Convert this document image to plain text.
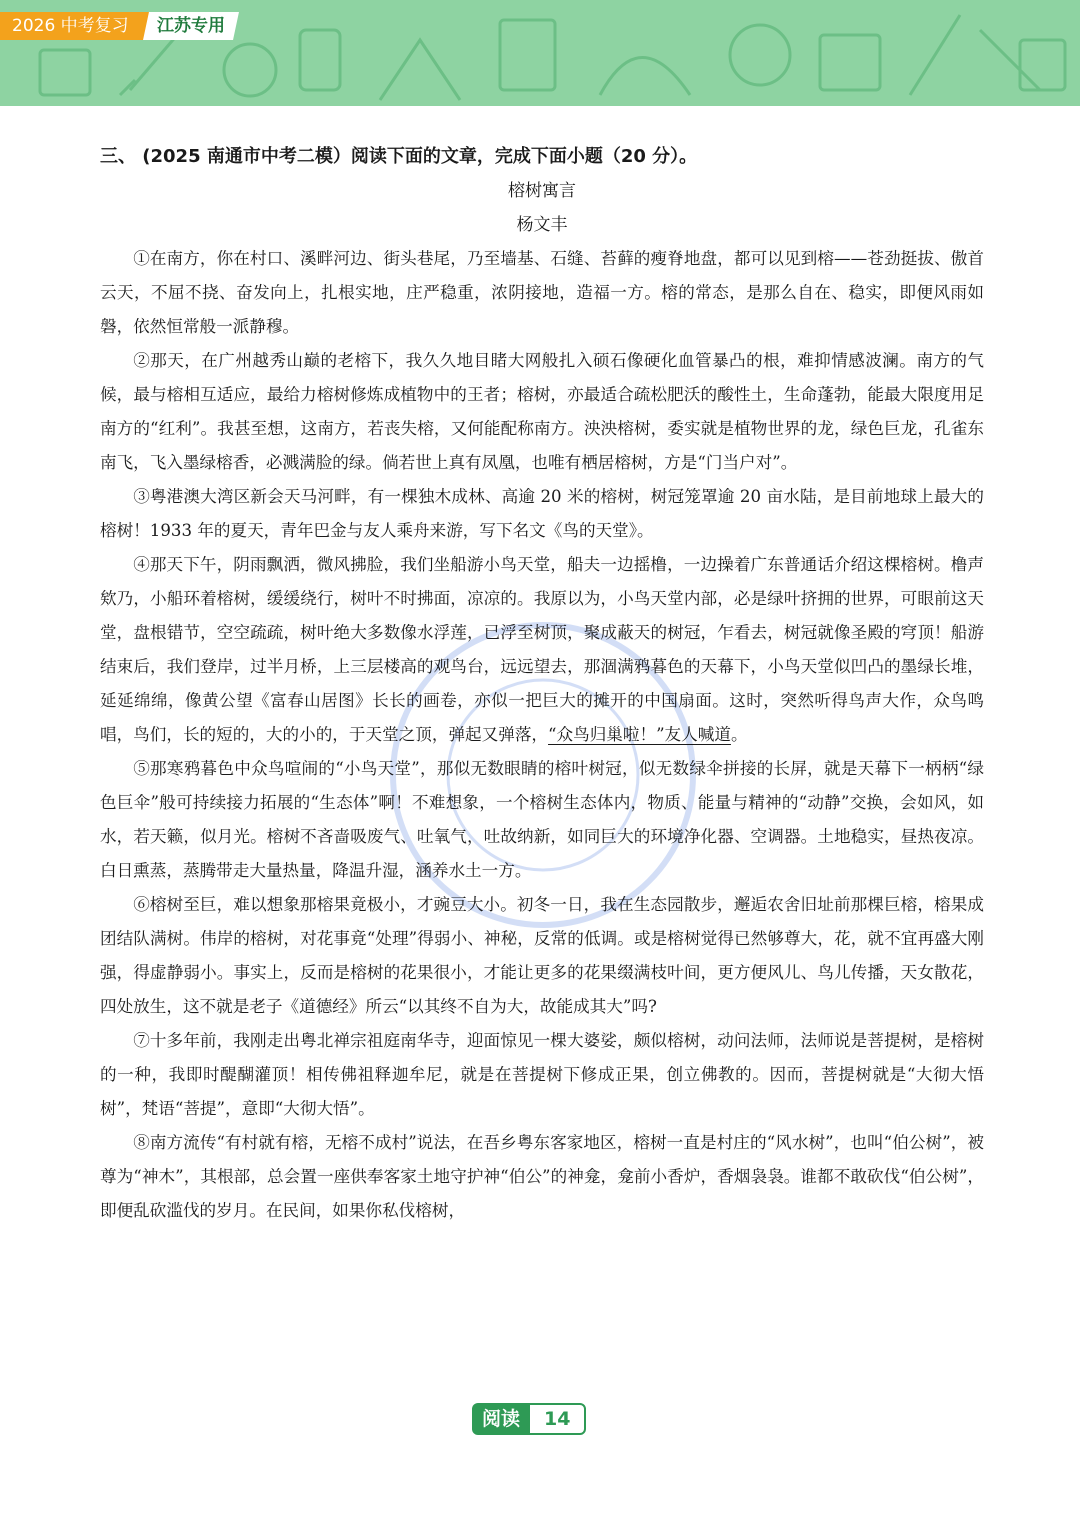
2026 中考复习	江苏专用
三、 (2025 南通市中考二模）阅读下面的文章，完成下面小题（20 分）。
榕树寓言
杨文丰

①在南方，你在村口、溪畔河边、街头巷尾，乃至墙基、石缝、苔藓的瘦脊地盘，都可以见到榕——苍劲挺拔、傲首云天，不屈不挠、奋发向上，扎根实地，庄严稳重，浓阴接地，造福一方。榕的常态，是那么自在、稳实，即便风雨如磐，依然恒常般一派静穆。

②那天，在广州越秀山巅的老榕下，我久久地目睹大网般扎入硕石像硬化血管暴凸的根，难抑情感波澜。南方的气候，最与榕相互适应，最给力榕树修炼成植物中的王者；榕树，亦最适合疏松肥沃的酸性土，生命蓬勃，能最大限度用足南方的“红利”。我甚至想，这南方，若丧失榕，又何能配称南方。泱泱榕树，委实就是植物世界的龙，绿色巨龙，孔雀东南飞，飞入墨绿榕香，必溅满脸的绿。倘若世上真有凤凰，也唯有栖居榕树，方是“门当户对”。

③粤港澳大湾区新会天马河畔，有一棵独木成林、高逾 20 米的榕树，树冠笼罩逾 20 亩水陆，是目前地球上最大的榕树！1933 年的夏天，青年巴金与友人乘舟来游，写下名文《鸟的天堂》。

④那天下午，阴雨飘洒，微风拂脸，我们坐船游小鸟天堂，船夫一边摇橹，一边操着广东普通话介绍这棵榕树。橹声欸乃，小船环着榕树，缓缓绕行，树叶不时拂面，凉凉的。我原以为，小鸟天堂内部，必是绿叶挤拥的世界，可眼前这天堂，盘根错节，空空疏疏，树叶绝大多数像水浮莲，已浮至树顶，聚成蔽天的树冠，乍看去，树冠就像圣殿的穹顶！船游结束后，我们登岸，过半月桥，上三层楼高的观鸟台，远远望去，那涸满鸦暮色的天幕下，小鸟天堂似凹凸的墨绿长堆，延延绵绵，像黄公望《富春山居图》长长的画卷，亦似一把巨大的摊开的中国扇面。这时，突然听得鸟声大作，众鸟鸣唱，鸟们，长的短的，大的小的，于天堂之顶，弹起又弹落，“众鸟归巢啦！”友人喊道。

⑤那寒鸦暮色中众鸟喧闹的“小鸟天堂”，那似无数眼睛的榕叶树冠，似无数绿伞拼接的长屏，就是天幕下一柄柄“绿色巨伞”般可持续接力拓展的“生态体”啊！不难想象，一个榕树生态体内，物质、能量与精神的“动静”交换，会如风，如水，若天籁，似月光。榕树不吝啬吸废气、吐氧气，吐故纳新，如同巨大的环境净化器、空调器。土地稳实，昼热夜凉。白日熏蒸，蒸腾带走大量热量，降温升湿，涵养水土一方。

⑥榕树至巨，难以想象那榕果竟极小，才豌豆大小。初冬一日，我在生态园散步，邂逅农舍旧址前那棵巨榕，榕果成团结队满树。伟岸的榕树，对花事竟“处理”得弱小、神秘，反常的低调。或是榕树觉得已然够尊大，花，就不宜再盛大刚强，得虚静弱小。事实上，反而是榕树的花果很小，才能让更多的花果缀满枝叶间，更方便风儿、鸟儿传播，天女散花，四处放生，这不就是老子《道德经》所云“以其终不自为大，故能成其大”吗?

⑦十多年前，我刚走出粤北禅宗祖庭南华寺，迎面惊见一棵大婆娑，颇似榕树，动问法师，法师说是菩提树，是榕树的一种，我即时醍醐灌顶！相传佛祖释迦牟尼，就是在菩提树下修成正果，创立佛教的。因而，菩提树就是“大彻大悟树”，梵语“菩提”，意即“大彻大悟”。

⑧南方流传“有村就有榕，无榕不成村”说法，在吾乡粤东客家地区，榕树一直是村庄的“风水树”，也叫“伯公树”，被尊为“神木”，其根部，总会置一座供奉客家土地守护神“伯公”的神龛，龛前小香炉，香烟袅袅。谁都不敢砍伐“伯公树”，即便乱砍滥伐的岁月。在民间，如果你私伐榕树，

阅读	14
